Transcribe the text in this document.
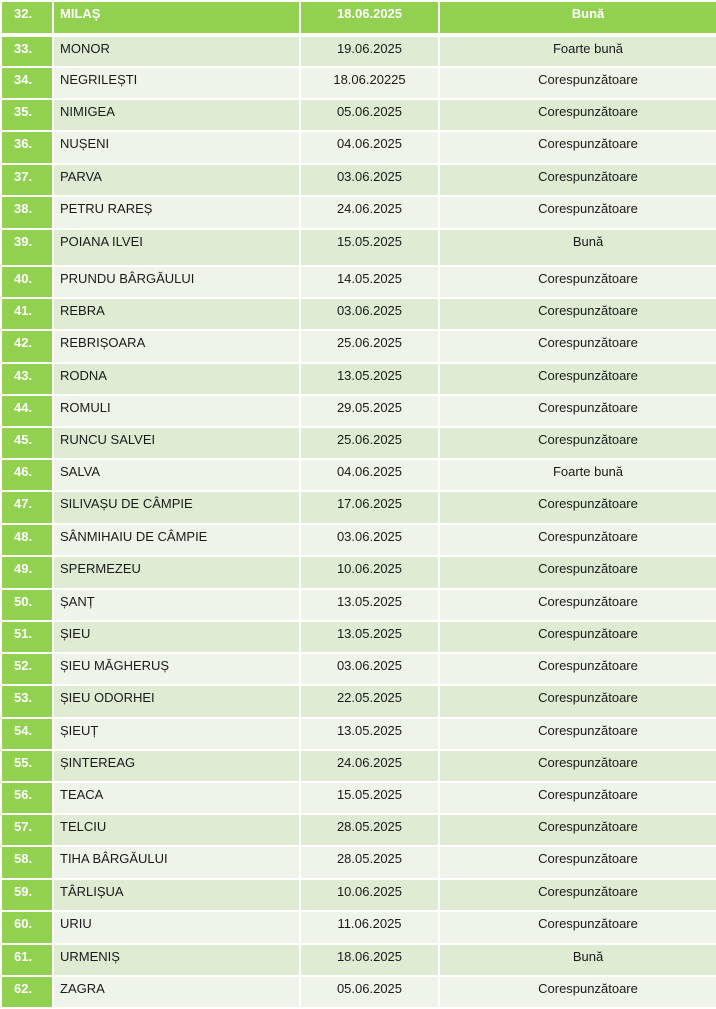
32.	MILAȘ	18.06.2025	Bună
33.	MONOR	19.06.2025	Foarte bună
34.	NEGRILEȘTI	18.06.20225	Corespunzătoare
35.	NIMIGEA	05.06.2025	Corespunzătoare
36.	NUȘENI	04.06.2025	Corespunzătoare
37.	PARVA	03.06.2025	Corespunzătoare
38.	PETRU RAREȘ	24.06.2025	Corespunzătoare
39.	POIANA ILVEI	15.05.2025	Bună
40.	PRUNDU BÂRGĂULUI	14.05.2025	Corespunzătoare
41.	REBRA	03.06.2025	Corespunzătoare
42.	REBRIȘOARA	25.06.2025	Corespunzătoare
43.	RODNA	13.05.2025	Corespunzătoare
44.	ROMULI	29.05.2025	Corespunzătoare
45.	RUNCU SALVEI	25.06.2025	Corespunzătoare
46.	SALVA	04.06.2025	Foarte bună
47.	SILIVAȘU DE CÂMPIE	17.06.2025	Corespunzătoare
48.	SÂNMIHAIU DE CÂMPIE	03.06.2025	Corespunzătoare
49.	SPERMEZEU	10.06.2025	Corespunzătoare
50.	ȘANȚ	13.05.2025	Corespunzătoare
51.	ȘIEU	13.05.2025	Corespunzătoare
52.	ȘIEU MĂGHERUȘ	03.06.2025	Corespunzătoare
53.	ȘIEU ODORHEI	22.05.2025	Corespunzătoare
54.	ȘIEUȚ	13.05.2025	Corespunzătoare
55.	ȘINTEREAG	24.06.2025	Corespunzătoare
56.	TEACA	15.05.2025	Corespunzătoare
57.	TELCIU	28.05.2025	Corespunzătoare
58.	TIHA BÂRGĂULUI	28.05.2025	Corespunzătoare
59.	TÂRLIȘUA	10.06.2025	Corespunzătoare
60.	URIU	11.06.2025	Corespunzătoare
61.	URMENIȘ	18.06.2025	Bună
62.	ZAGRA	05.06.2025	Corespunzătoare
